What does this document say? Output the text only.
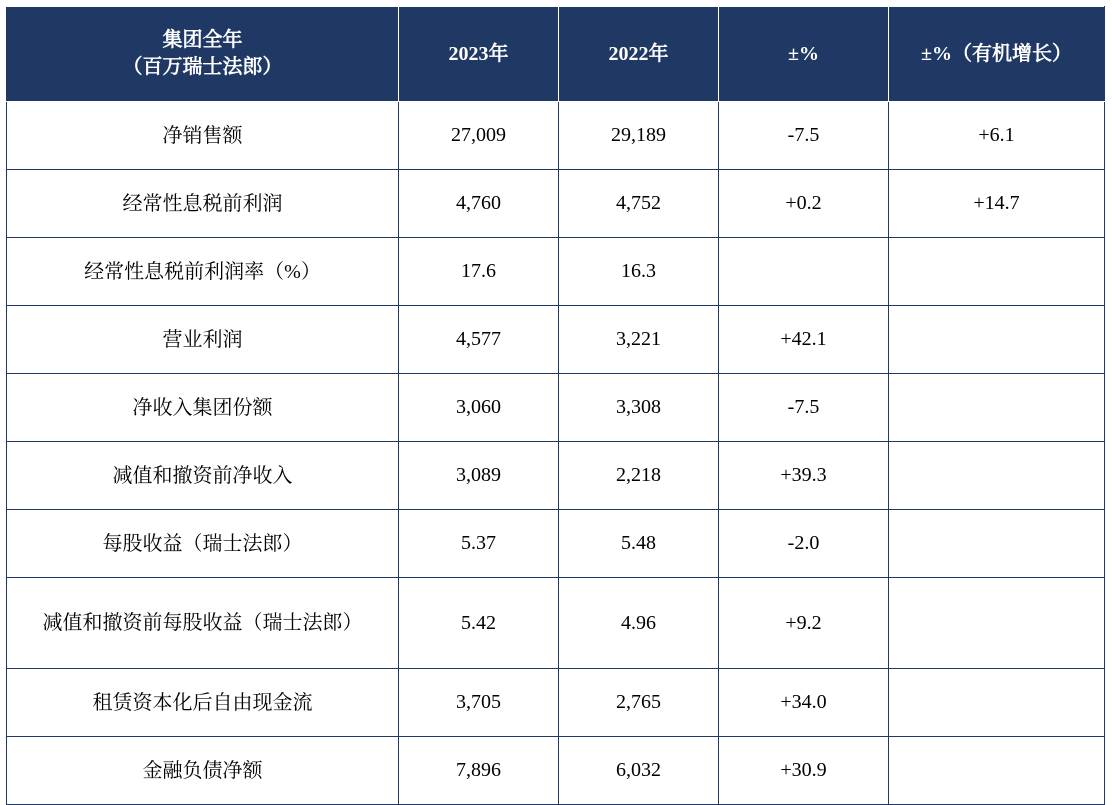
集团全年
（百万瑞士法郎）	2023年	2022年	±%	±%（有机增长）
净销售额	27,009	29,189	-7.5	+6.1
经常性息税前利润	4,760	4,752	+0.2	+14.7
经常性息税前利润率（%）	17.6	16.3		
营业利润	4,577	3,221	+42.1	
净收入集团份额	3,060	3,308	-7.5	
减值和撤资前净收入	3,089	2,218	+39.3	
每股收益（瑞士法郎）	5.37	5.48	-2.0	
减值和撤资前每股收益（瑞士法郎）	5.42	4.96	+9.2	
租赁资本化后自由现金流	3,705	2,765	+34.0	
金融负债净额	7,896	6,032	+30.9	
